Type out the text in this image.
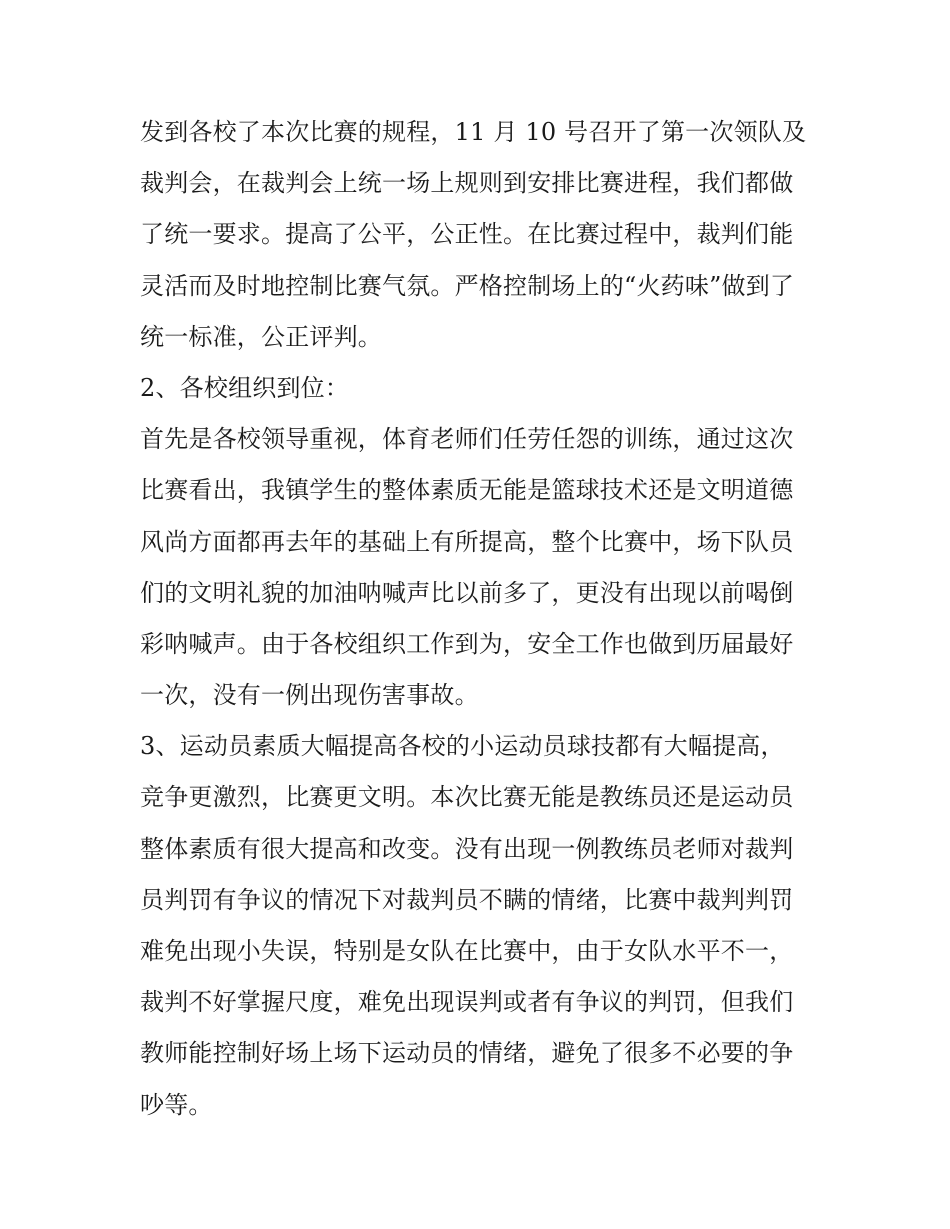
发到各校了本次比赛的规程，11 月 10 号召开了第一次领队及
裁判会，在裁判会上统一场上规则到安排比赛进程，我们都做
了统一要求。提高了公平，公正性。在比赛过程中，裁判们能
灵活而及时地控制比赛气氛。严格控制场上的“火药味”做到了
统一标准，公正评判。
2、各校组织到位：
首先是各校领导重视，体育老师们任劳任怨的训练，通过这次
比赛看出，我镇学生的整体素质无能是篮球技术还是文明道德
风尚方面都再去年的基础上有所提高，整个比赛中，场下队员
们的文明礼貌的加油呐喊声比以前多了，更没有出现以前喝倒
彩呐喊声。由于各校组织工作到为，安全工作也做到历届最好
一次，没有一例出现伤害事故。
3、运动员素质大幅提高各校的小运动员球技都有大幅提高，
竞争更激烈，比赛更文明。本次比赛无能是教练员还是运动员
整体素质有很大提高和改变。没有出现一例教练员老师对裁判
员判罚有争议的情况下对裁判员不瞒的情绪，比赛中裁判判罚
难免出现小失误，特别是女队在比赛中，由于女队水平不一，
裁判不好掌握尺度，难免出现误判或者有争议的判罚，但我们
教师能控制好场上场下运动员的情绪，避免了很多不必要的争
吵等。
